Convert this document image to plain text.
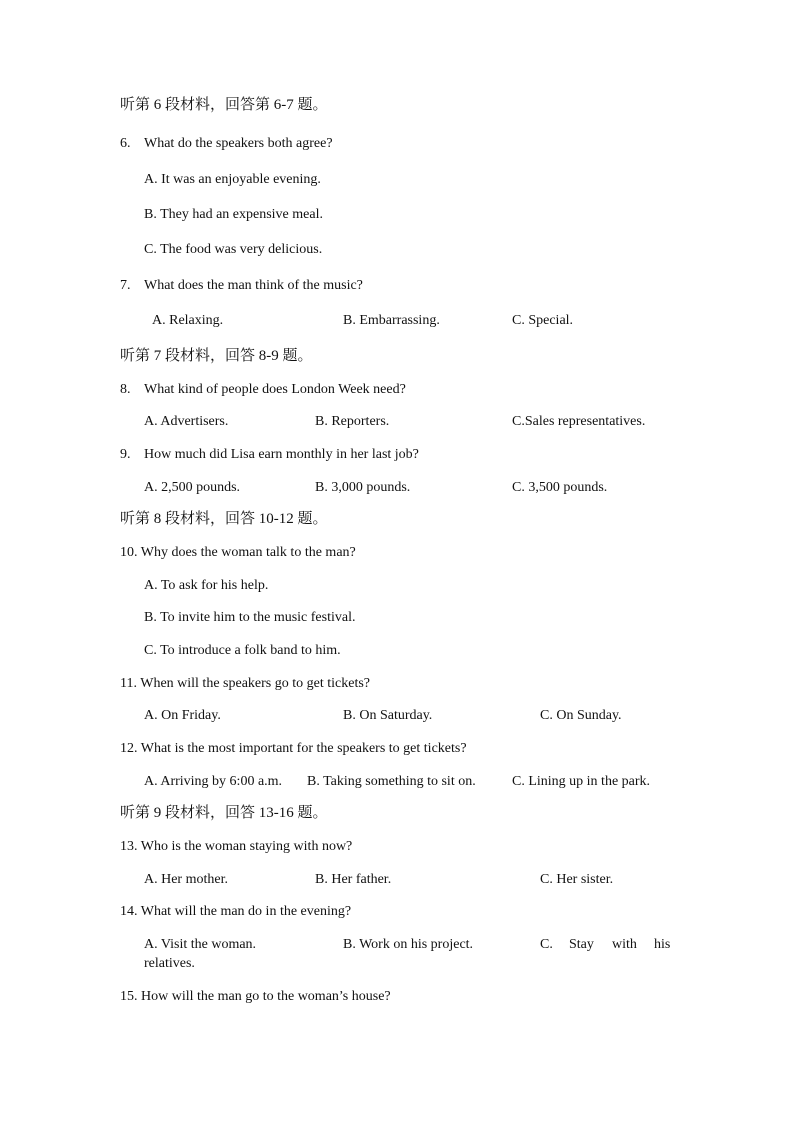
听第 6 段材料，回答第 6-7 题。
6. What do the speakers both agree?
A. It was an enjoyable evening.
B. They had an expensive meal.
C. The food was very delicious.
7. What does the man think of the music?
A. Relaxing.	B. Embarrassing.	C. Special.
听第 7 段材料，回答 8-9 题。
8. What kind of people does London Week need?
A. Advertisers.	B. Reporters.	C.Sales representatives.
9. How much did Lisa earn monthly in her last job?
A. 2,500 pounds.	B. 3,000 pounds.	C. 3,500 pounds.
听第 8 段材料，回答 10-12 题。
10. Why does the woman talk to the man?
A. To ask for his help.
B. To invite him to the music festival.
C. To introduce a folk band to him.
11. When will the speakers go to get tickets?
A. On Friday.	B. On Saturday.	C. On Sunday.
12. What is the most important for the speakers to get tickets?
A. Arriving by 6:00 a.m. B. Taking something to sit on.	C. Lining up in the park.
听第 9 段材料，回答 13-16 题。
13. Who is the woman staying with now?
A. Her mother.	B. Her father.	C. Her sister.
14. What will the man do in the evening?
A. Visit the woman.	B. Work on his project.	C. Stay with his
relatives.
15. How will the man go to the woman’s house?
